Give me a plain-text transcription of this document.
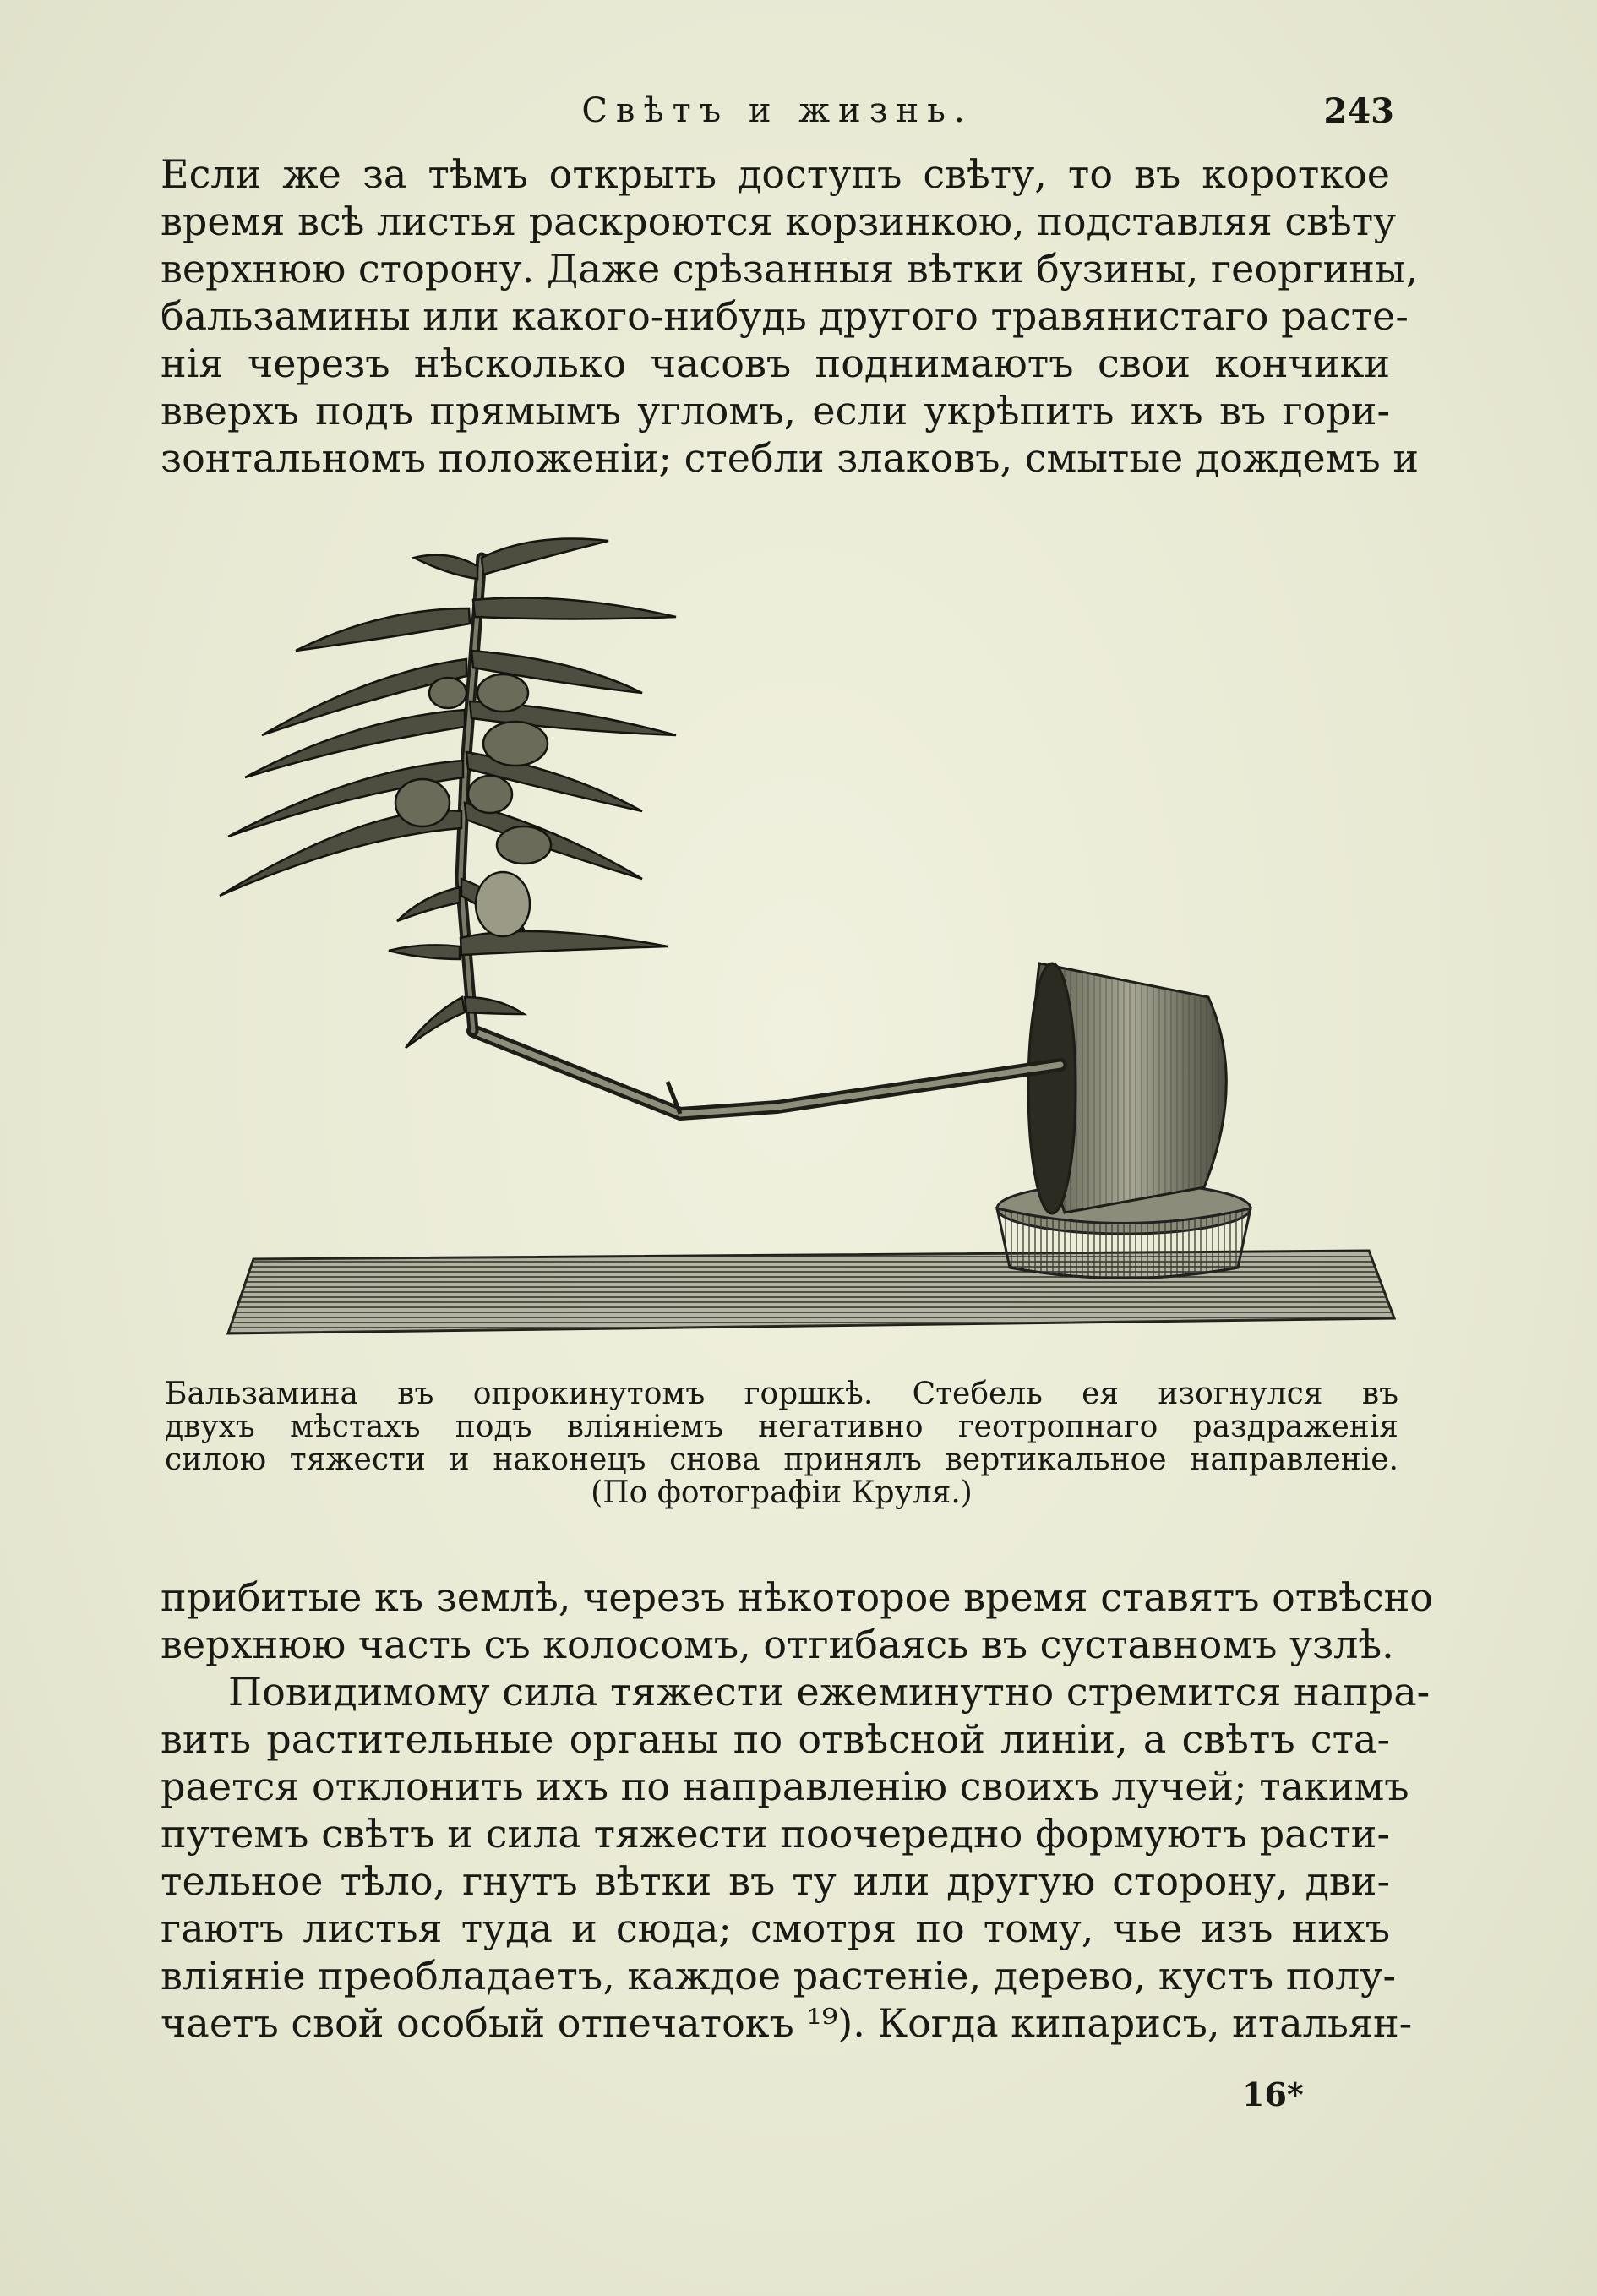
Свѣтъ и жизнь.	243
Если же за тѣмъ открыть доступъ свѣту, то въ короткое
время всѣ листья раскроются корзинкою, подставляя свѣту
верхнюю сторону. Даже срѣзанныя вѣтки бузины, георгины,
бальзамины или какого-нибудь другого травянистаго расте-
нія черезъ нѣсколько часовъ поднимаютъ свои кончики
вверхъ подъ прямымъ угломъ, если укрѣпить ихъ въ гори-
зонтальномъ положеніи; стебли злаковъ, смытые дождемъ и
Бальзамина въ опрокинутомъ горшкѣ. Стебель ея изогнулся въ
двухъ мѣстахъ подъ вліяніемъ негативно геотропнаго раздраженія
силою тяжести и наконецъ снова принялъ вертикальное направленіе.
(По фотографіи Круля.)
прибитые къ землѣ, черезъ нѣкоторое время ставятъ отвѣсно
верхнюю часть съ колосомъ, отгибаясь въ суставномъ узлѣ.
Повидимому сила тяжести ежеминутно стремится напра-
вить растительные органы по отвѣсной линіи, а свѣтъ ста-
рается отклонить ихъ по направленію своихъ лучей; такимъ
путемъ свѣтъ и сила тяжести поочередно формуютъ расти-
тельное тѣло, гнутъ вѣтки въ ту или другую сторону, дви-
гаютъ листья туда и сюда; смотря по тому, чье изъ нихъ
вліяніе преобладаетъ, каждое растеніе, дерево, кустъ полу-
чаетъ свой особый отпечатокъ ¹⁹). Когда кипарисъ, итальян-
16*
